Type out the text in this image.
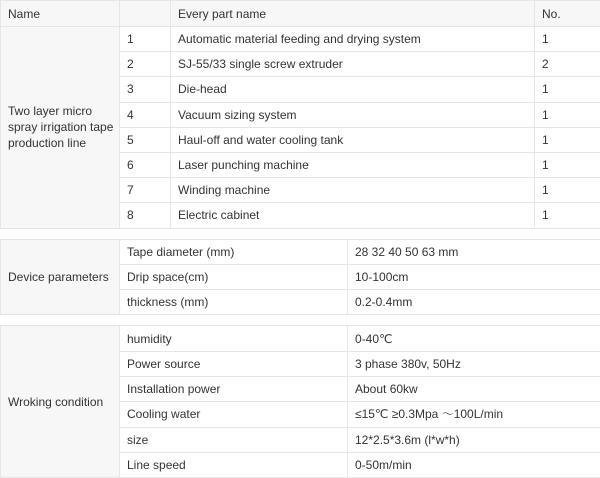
Name		Every part name	No.
Two layer micro spray irrigation tape production line	1	Automatic material feeding and drying system	1
	2	SJ-55/33 single screw extruder	2
	3	Die-head	1
	4	Vacuum sizing system	1
	5	Haul-off and water cooling tank	1
	6	Laser punching machine	1
	7	Winding machine	1
	8	Electric cabinet	1
Device parameters	Tape diameter (mm)	28 32 40 50 63 mm
	Drip space(cm)	10-100cm
	thickness (mm)	0.2-0.4mm
Wroking condition	humidity	0-40℃
	Power source	3 phase 380v, 50Hz
	Installation power	About 60kw
	Cooling water	≤15℃ ≥0.3Mpa ～100L/min
	size	12*2.5*3.6m (l*w*h)
	Line speed	0-50m/min
